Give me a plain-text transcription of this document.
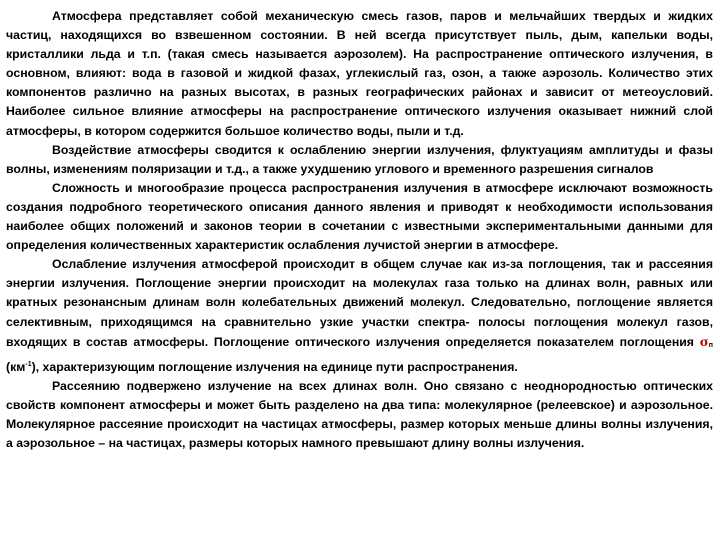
Атмосфера представляет собой механическую смесь газов, паров и мельчайших твердых и жидких частиц, находящихся во взвешенном состоянии. В ней всегда присутствует пыль, дым, капельки воды, кристаллики льда и т.п. (такая смесь называется аэрозолем). На распространение оптического излучения, в основном, влияют: вода в газовой и жидкой фазах, углекислый газ, озон, а также аэрозоль. Количество этих компонентов различно на разных высотах, в разных географических районах и зависит от метеоусловий. Наиболее сильное влияние атмосферы на распространение оптического излучения оказывает нижний слой атмосферы, в котором содержится большое количество воды, пыли и т.д.

Воздействие атмосферы сводится к ослаблению энергии излучения, флуктуациям амплитуды и фазы волны, изменениям поляризации и т.д., а также ухудшению углового и временного разрешения сигналов

Сложность и многообразие процесса распространения излучения в атмосфере исключают возможность создания подробного теоретического описания данного явления и приводят к необходимости использования наиболее общих положений и законов теории в сочетании с известными экспериментальными данными для определения количественных характеристик ослабления лучистой энергии в атмосфере.

Ослабление излучения атмосферой происходит в общем случае как из-за поглощения, так и рассеяния энергии излучения. Поглощение энергии происходит на молекулах газа только на длинах волн, равных или кратных резонансным длинам волн колебательных движений молекул. Следовательно, поглощение является селективным, приходящимся на сравнительно узкие участки спектра- полосы поглощения молекул газов, входящих в состав атмосферы. Поглощение оптического излучения определяется показателем поглощения $\sigma_п$ $(км^{-1})$, характеризующим поглощение излучения на единице пути распространения.

Рассеянию подвержено излучение на всех длинах волн. Оно связано с неоднородностью оптических свойств компонент атмосферы и может быть разделено на два типа: молекулярное (релеевское) и аэрозольное. Молекулярное рассеяние происходит на частицах атмосферы, размер которых меньше длины волны излучения, а аэрозольное – на частицах, размеры которых намного превышают длину волны излучения.
